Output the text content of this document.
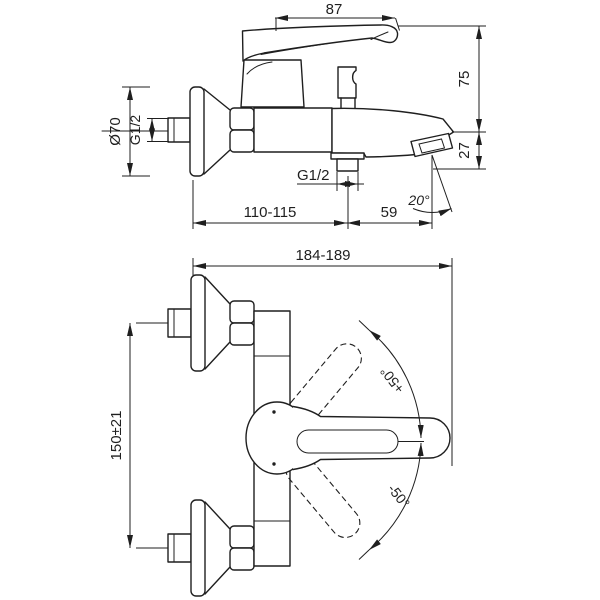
87
75
27
Ø70 G1/2
G1/2
110-115	59
20°
184-189
+50°
-50°
150±21
